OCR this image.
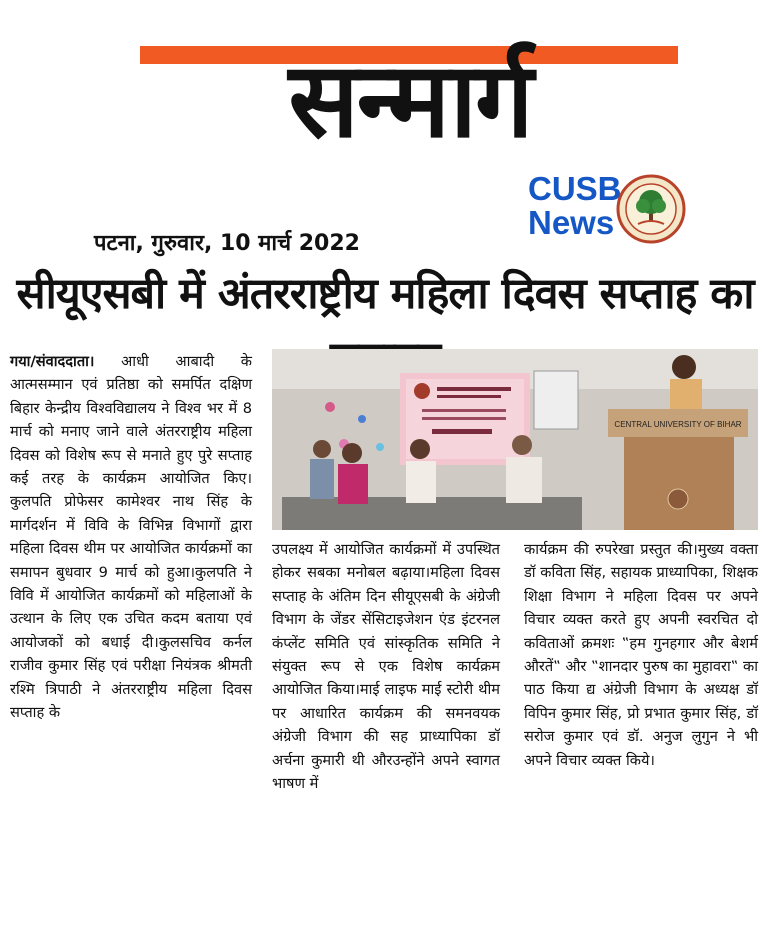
सन्मार्ग
CUSB
News
पटना, गुरुवार, 10 मार्च 2022
सीयूएसबी में अंतरराष्ट्रीय महिला दिवस सप्ताह का

गया/संवाददाता। आधी आबादी के आत्मसम्मान एवं प्रतिष्ठा को समर्पित दक्षिण बिहार केन्द्रीय विश्वविद्यालय ने विश्व भर में 8 मार्च को मनाए जाने वाले अंतरराष्ट्रीय महिला दिवस को विशेष रूप से मनाते हुए पुरे सप्ताह कई तरह के कार्यक्रम आयोजित किए। कुलपति प्रोफेसर कामेश्वर नाथ सिंह के मार्गदर्शन में विवि के विभिन्न विभागों द्वारा महिला दिवस थीम पर आयोजित कार्यक्रमों का समापन बुधवार 9 मार्च को हुआ।कुलपति ने विवि में आयोजित कार्यक्रमों को महिलाओं के उत्थान के लिए एक उचित कदम बताया एवं आयोजकों को बधाई दी।कुलसचिव कर्नल राजीव कुमार सिंह एवं परीक्षा नियंत्रक श्रीमती रश्मि त्रिपाठी ने अंतरराष्ट्रीय महिला दिवस सप्ताह के

CENTRAL UNIVERSITY OF BIHAR

उपलक्ष्य में आयोजित कार्यक्रमों में उपस्थित होकर सबका मनोबल बढ़ाया।महिला दिवस सप्ताह के अंतिम दिन सीयूएसबी के अंग्रेजी विभाग के जेंडर सेंसिटाइजेशन एंड इंटरनल कंप्लेंट समिति एवं सांस्कृतिक समिति ने संयुक्त रूप से एक विशेष कार्यक्रम आयोजित किया।माई लाइफ माई स्टोरी थीम पर आधारित कार्यक्रम की समनवयक अंग्रेजी विभाग की सह प्राध्यापिका डॉ अर्चना कुमारी थी औरउन्होंने अपने स्वागत भाषण में

कार्यक्रम की रुपरेखा प्रस्तुत की।मुख्य वक्ता डॉ कविता सिंह, सहायक प्राध्यापिका, शिक्षक शिक्षा विभाग ने महिला दिवस पर अपने विचार व्यक्त करते हुए अपनी स्वरचित दो कविताओं क्रमशः ‟हम गुनहगार और बेशर्म औरतें‟ और ‟शानदार पुरुष का मुहावरा‟ का पाठ किया द्य अंग्रेजी विभाग के अध्यक्ष डॉ विपिन कुमार सिंह, प्रो प्रभात कुमार सिंह, डॉ सरोज कुमार एवं डॉ. अनुज लुगुन ने भी अपने विचार व्यक्त किये।
